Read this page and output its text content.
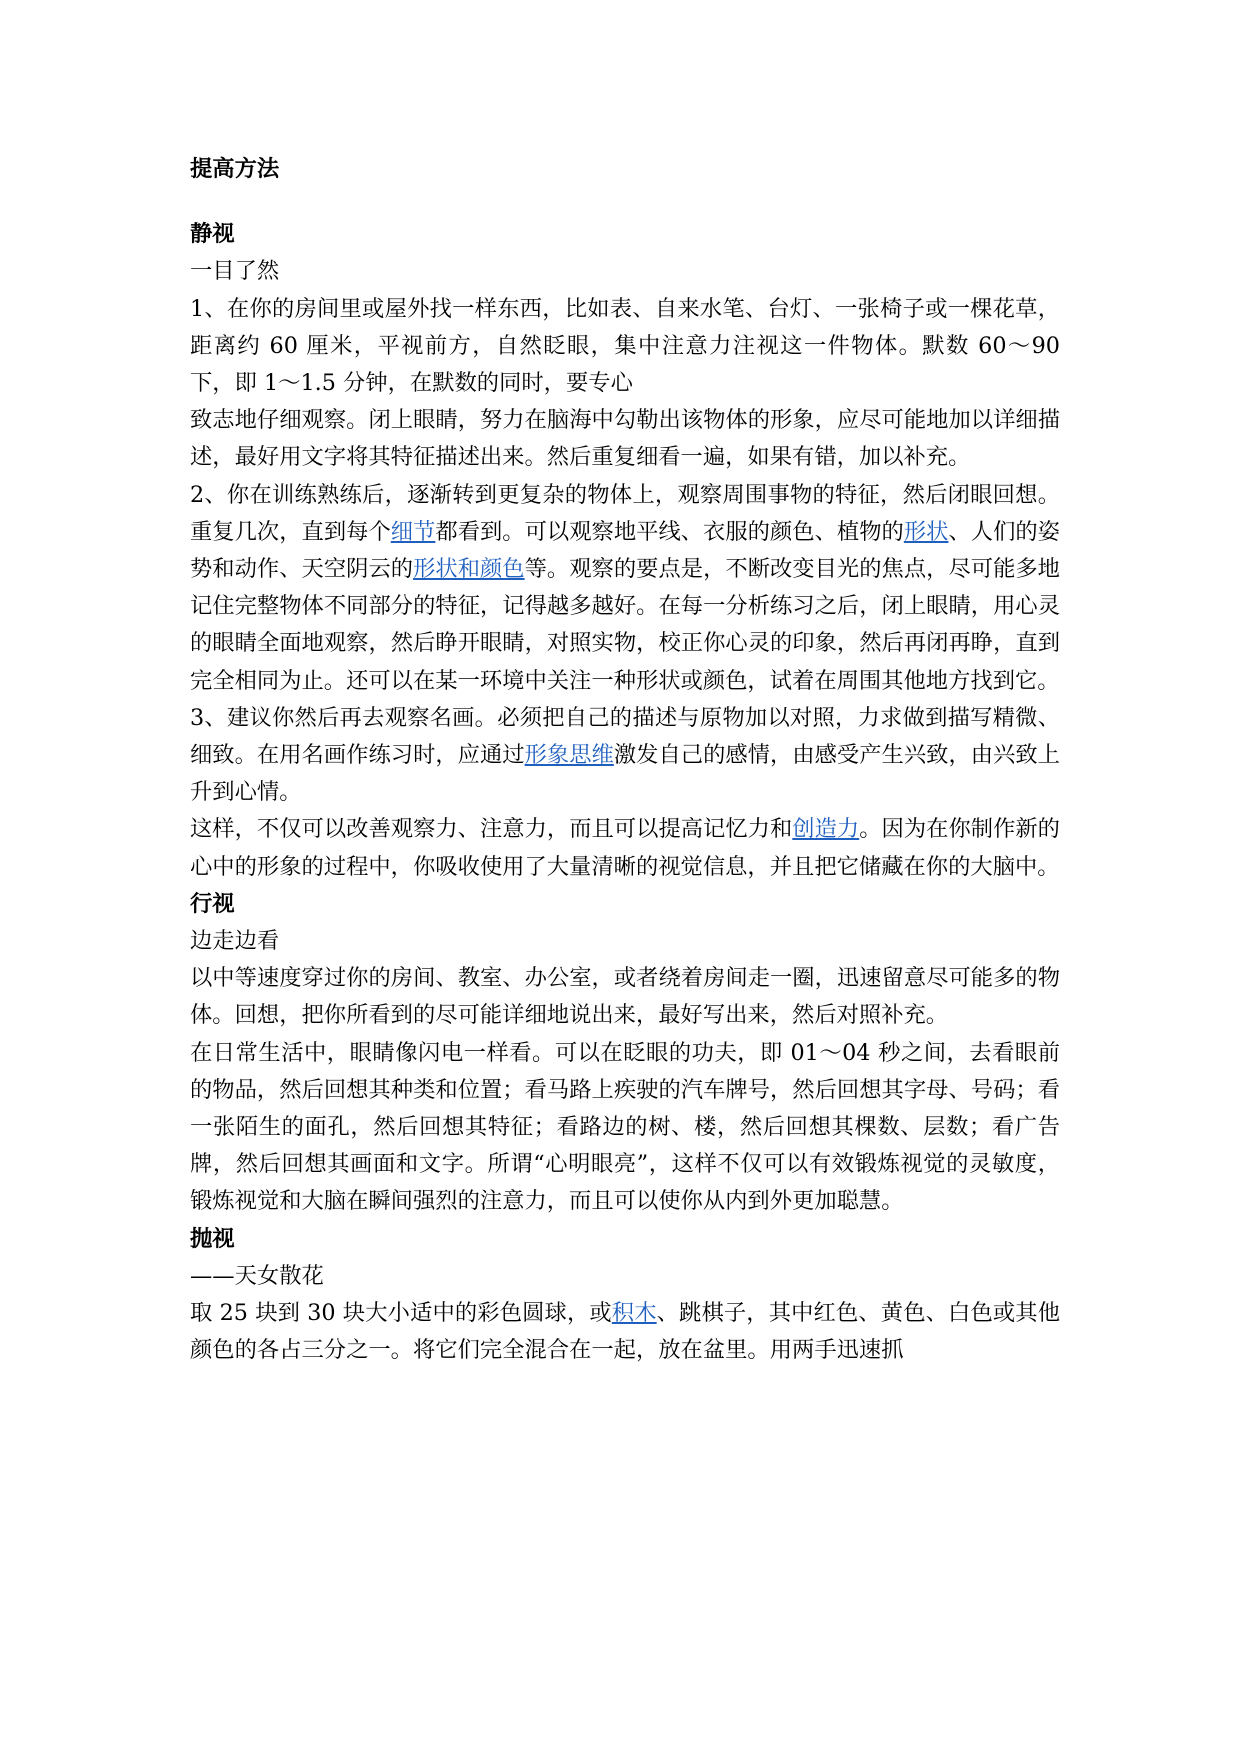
提高方法

静视

一目了然

1、在你的房间里或屋外找一样东西，比如表、自来水笔、台灯、一张椅子或一棵花草，距离约 60 厘米，平视前方，自然眨眼，集中注意力注视这一件物体。默数 60～90 下，即 1～1.5 分钟，在默数的同时，要专心

致志地仔细观察。闭上眼睛，努力在脑海中勾勒出该物体的形象，应尽可能地加以详细描述，最好用文字将其特征描述出来。然后重复细看一遍，如果有错，加以补充。

2、你在训练熟练后，逐渐转到更复杂的物体上，观察周围事物的特征，然后闭眼回想。重复几次，直到每个细节都看到。可以观察地平线、衣服的颜色、植物的形状、人们的姿势和动作、天空阴云的形状和颜色等。观察的要点是，不断改变目光的焦点，尽可能多地记住完整物体不同部分的特征，记得越多越好。在每一分析练习之后，闭上眼睛，用心灵的眼睛全面地观察，然后睁开眼睛，对照实物，校正你心灵的印象，然后再闭再睁，直到完全相同为止。还可以在某一环境中关注一种形状或颜色，试着在周围其他地方找到它。

3、建议你然后再去观察名画。必须把自己的描述与原物加以对照，力求做到描写精微、细致。在用名画作练习时，应通过形象思维激发自己的感情，由感受产生兴致，由兴致上升到心情。

这样，不仅可以改善观察力、注意力，而且可以提高记忆力和创造力。因为在你制作新的心中的形象的过程中，你吸收使用了大量清晰的视觉信息，并且把它储藏在你的大脑中。

行视

边走边看

以中等速度穿过你的房间、教室、办公室，或者绕着房间走一圈，迅速留意尽可能多的物体。回想，把你所看到的尽可能详细地说出来，最好写出来，然后对照补充。

在日常生活中，眼睛像闪电一样看。可以在眨眼的功夫，即 01～04 秒之间，去看眼前的物品，然后回想其种类和位置；看马路上疾驶的汽车牌号，然后回想其字母、号码；看一张陌生的面孔，然后回想其特征；看路边的树、楼，然后回想其棵数、层数；看广告牌，然后回想其画面和文字。所谓“心明眼亮”，这样不仅可以有效锻炼视觉的灵敏度，锻炼视觉和大脑在瞬间强烈的注意力，而且可以使你从内到外更加聪慧。

抛视

——天女散花

取 25 块到 30 块大小适中的彩色圆球，或积木、跳棋子，其中红色、黄色、白色或其他颜色的各占三分之一。将它们完全混合在一起，放在盆里。用两手迅速抓
